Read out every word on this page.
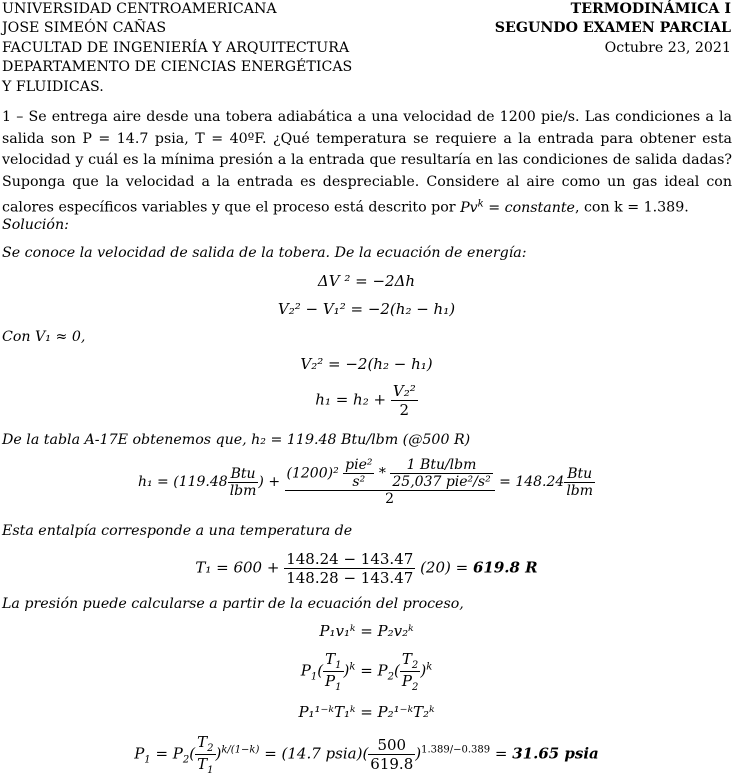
UNIVERSIDAD CENTROAMERICANA
JOSE SIMEÓN CAÑAS
FACULTAD DE INGENIERÍA Y ARQUITECTURA
DEPARTAMENTO DE CIENCIAS ENERGÉTICAS
Y FLUIDICAS.
TERMODINÁMICA I
SEGUNDO EXAMEN PARCIAL
Octubre 23, 2021
1 – Se entrega aire desde una tobera adiabática a una velocidad de 1200 pie/s. Las condiciones a la salida son P = 14.7 psia, T = 40ºF. ¿Qué temperatura se requiere a la entrada para obtener esta velocidad y cuál es la mínima presión a la entrada que resultaría en las condiciones de salida dadas? Suponga que la velocidad a la entrada es despreciable. Considere al aire como un gas ideal con calores específicos variables y que el proceso está descrito por $Pv^k$ = constante, con k = 1.389.
Solución:
Se conoce la velocidad de salida de la tobera. De la ecuación de energía:
ΔV ² = −2Δh
V₂² − V₁² = −2(h₂ − h₁)
Con V₁ ≈ 0,
V₂² = −2(h₂ − h₁)
$h_1 = h_2 + \frac{\text{V₂²}}{2}$
De la tabla A-17E obtenemos que, h₂ = 119.48 Btu/lbm (@500 R)
$h_1 = (119.48 \frac{\text{Btu}}{\text{lbm}}$ ) + $\frac{(1200)^2 \frac{\text{pie²}}{\text{s²}} * \frac{\text{1 Btu/lbm}}{\text{25,037 pie²/s²}}}{2} = 148.24 \frac{\text{Btu}}{\text{lbm}}$
Esta entalpía corresponde a una temperatura de
$T_1 = 600 + \frac{148.24 - 143.47}{148.28 - 143.47} (20) = 619.8$ R
La presión puede calcularse a partir de la ecuación del proceso,
P₁v₁ᵏ = P₂v₂ᵏ
$P_1( \frac{T_1}{P_1} )^k = P_2( \frac{T_2}{P_2} )^k$
P₁¹⁻ᵏT₁ᵏ = P₂¹⁻ᵏT₂ᵏ
$P_1 = P_2( \frac{T_2}{T_1} )^{k/(1-k)} = (14.7$ psia)( $\frac{500}{619.8} )^{1.389/-0.389} = 31.65$ psia
